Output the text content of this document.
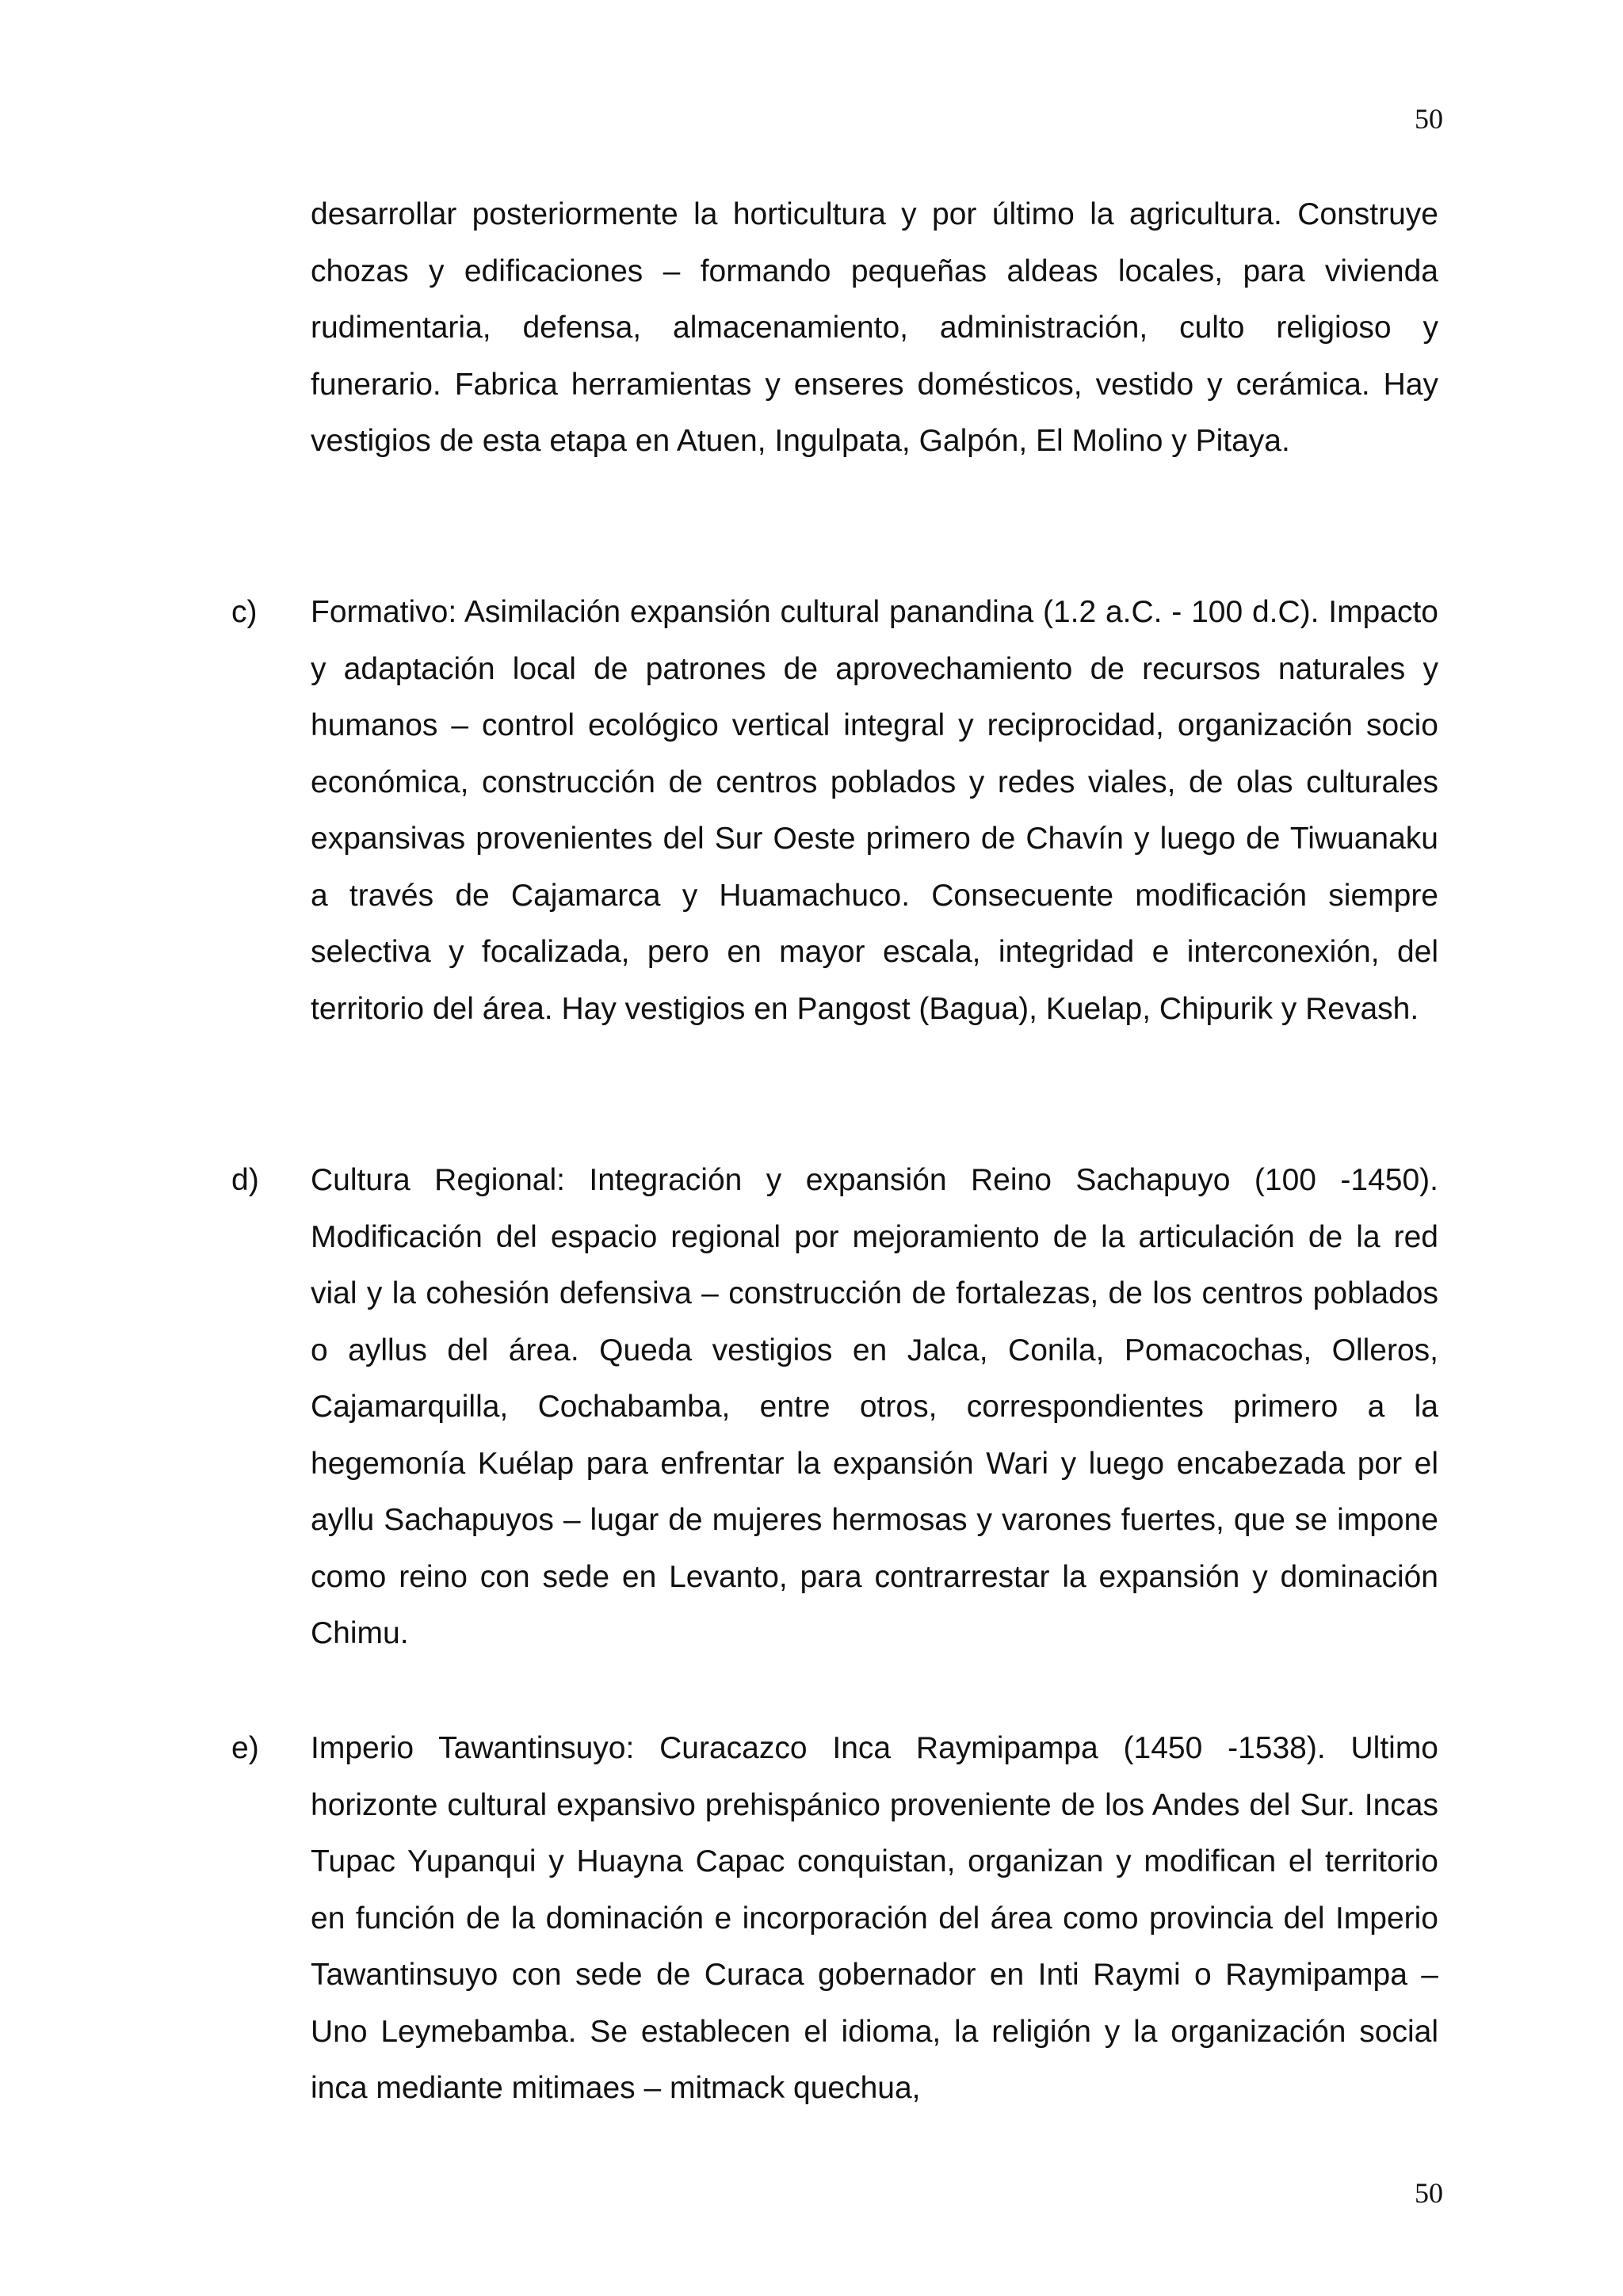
50

desarrollar posteriormente la horticultura y por último la agricultura. Construye chozas y edificaciones – formando pequeñas aldeas locales, para vivienda rudimentaria, defensa, almacenamiento, administración, culto religioso y funerario. Fabrica herramientas y enseres domésticos, vestido y cerámica. Hay vestigios de esta etapa en Atuen, Ingulpata, Galpón, El Molino y Pitaya.

c) Formativo: Asimilación expansión cultural panandina (1.2 a.C. - 100 d.C). Impacto y adaptación local de patrones de aprovechamiento de recursos naturales y humanos – control ecológico vertical integral y reciprocidad, organización socio económica, construcción de centros poblados y redes viales, de olas culturales expansivas provenientes del Sur Oeste primero de Chavín y luego de Tiwuanaku a través de Cajamarca y Huamachuco. Consecuente modificación siempre selectiva y focalizada, pero en mayor escala, integridad e interconexión, del territorio del área. Hay vestigios en Pangost (Bagua), Kuelap, Chipurik y Revash.

d) Cultura Regional: Integración y expansión Reino Sachapuyo (100 -1450). Modificación del espacio regional por mejoramiento de la articulación de la red vial y la cohesión defensiva – construcción de fortalezas, de los centros poblados o ayllus del área. Queda vestigios en Jalca, Conila, Pomacochas, Olleros, Cajamarquilla, Cochabamba, entre otros, correspondientes primero a la hegemonía Kuélap para enfrentar la expansión Wari y luego encabezada por el ayllu Sachapuyos – lugar de mujeres hermosas y varones fuertes, que se impone como reino con sede en Levanto, para contrarrestar la expansión y dominación Chimu.

e) Imperio Tawantinsuyo: Curacazco Inca Raymipampa (1450 -1538). Ultimo horizonte cultural expansivo prehispánico proveniente de los Andes del Sur. Incas Tupac Yupanqui y Huayna Capac conquistan, organizan y modifican el territorio en función de la dominación e incorporación del área como provincia del Imperio Tawantinsuyo con sede de Curaca gobernador en Inti Raymi o Raymipampa – Uno Leymebamba. Se establecen el idioma, la religión y la organización social inca mediante mitimaes – mitmack quechua,

50
